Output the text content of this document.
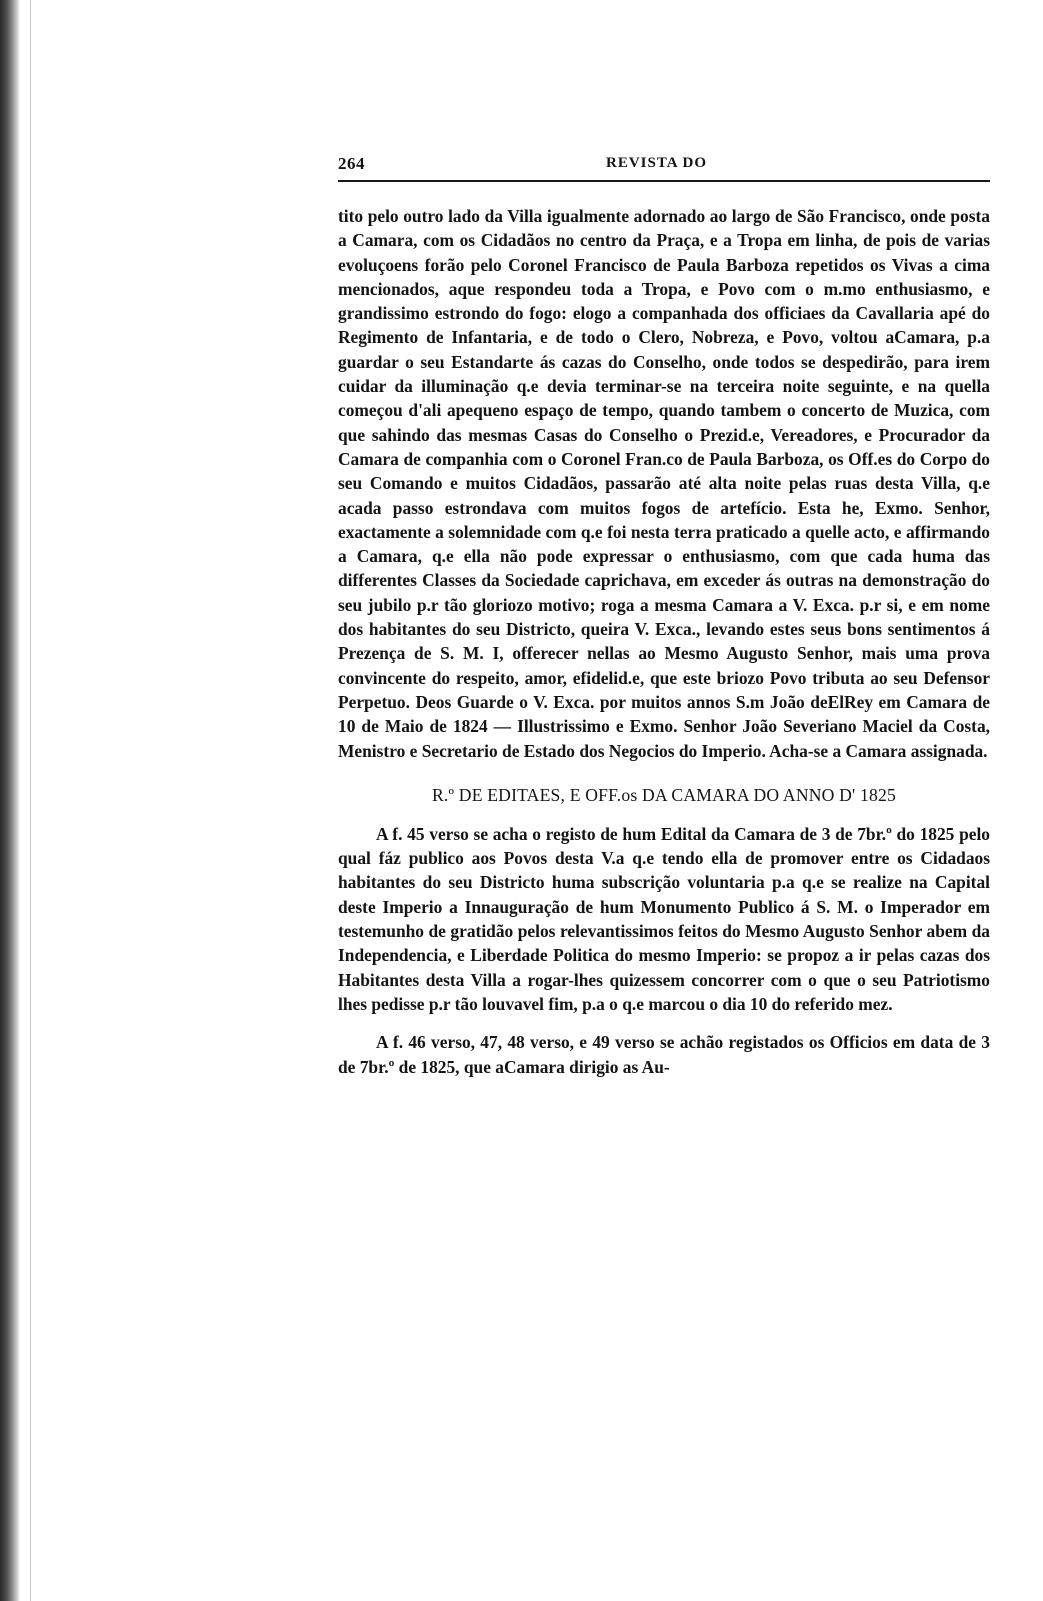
264	REVISTA DO

tito pelo outro lado da Villa igualmente adornado ao largo de São Francisco, onde posta a Camara, com os Cidadãos no centro da Praça, e a Tropa em linha, de pois de varias evoluçoens forão pelo Coronel Francisco de Paula Barboza repetidos os Vivas a cima mencionados, aque respondeu toda a Tropa, e Povo com o m.mo enthusiasmo, e grandissimo estrondo do fogo: elogo a companhada dos officiaes da Cavallaria apé do Regimento de Infantaria, e de todo o Clero, Nobreza, e Povo, voltou aCamara, p.a guardar o seu Estandarte ás cazas do Conselho, onde todos se despedirão, para irem cuidar da illuminação q.e devia terminar-se na terceira noite seguinte, e na quella começou d'ali apequeno espaço de tempo, quando tambem o concerto de Muzica, com que sahindo das mesmas Casas do Conselho o Prezid.e, Vereadores, e Procurador da Camara de companhia com o Coronel Fran.co de Paula Barboza, os Off.es do Corpo do seu Comando e muitos Cidadãos, passarão até alta noite pelas ruas desta Villa, q.e acada passo estrondava com muitos fogos de artefício. Esta he, Exmo. Senhor, exactamente a solemnidade com q.e foi nesta terra praticado a quelle acto, e affirmando a Camara, q.e ella não pode expressar o enthusiasmo, com que cada huma das differentes Classes da Sociedade caprichava, em exceder ás outras na demonstração do seu jubilo p.r tão gloriozo motivo; roga a mesma Camara a V. Exca. p.r si, e em nome dos habitantes do seu Districto, queira V. Exca., levando estes seus bons sentimentos á Prezença de S. M. I, offerecer nellas ao Mesmo Augusto Senhor, mais uma prova convincente do respeito, amor, efidelid.e, que este briozo Povo tributa ao seu Defensor Perpetuo. Deos Guarde o V. Exca. por muitos annos S.m João deElRey em Camara de 10 de Maio de 1824 — Illustrissimo e Exmo. Senhor João Severiano Maciel da Costa, Menistro e Secretario de Estado dos Negocios do Imperio. Acha-se a Camara assignada.

R.º DE EDITAES, E OFF.os DA CAMARA DO ANNO D' 1825

A f. 45 verso se acha o registo de hum Edital da Camara de 3 de 7br.º do 1825 pelo qual fáz publico aos Povos desta V.a q.e tendo ella de promover entre os Cidadaos habitantes do seu Districto huma subscrição voluntaria p.a q.e se realize na Capital deste Imperio a Innauguração de hum Monumento Publico á S. M. o Imperador em testemunho de gratidão pelos relevantissimos feitos do Mesmo Augusto Senhor abem da Independencia, e Liberdade Politica do mesmo Imperio: se propoz a ir pelas cazas dos Habitantes desta Villa a rogar-lhes quizessem concorrer com o que o seu Patriotismo lhes pedisse p.r tão louvavel fim, p.a o q.e marcou o dia 10 do referido mez.

A f. 46 verso, 47, 48 verso, e 49 verso se achão registados os Officios em data de 3 de 7br.º de 1825, que aCamara dirigio as Au-
